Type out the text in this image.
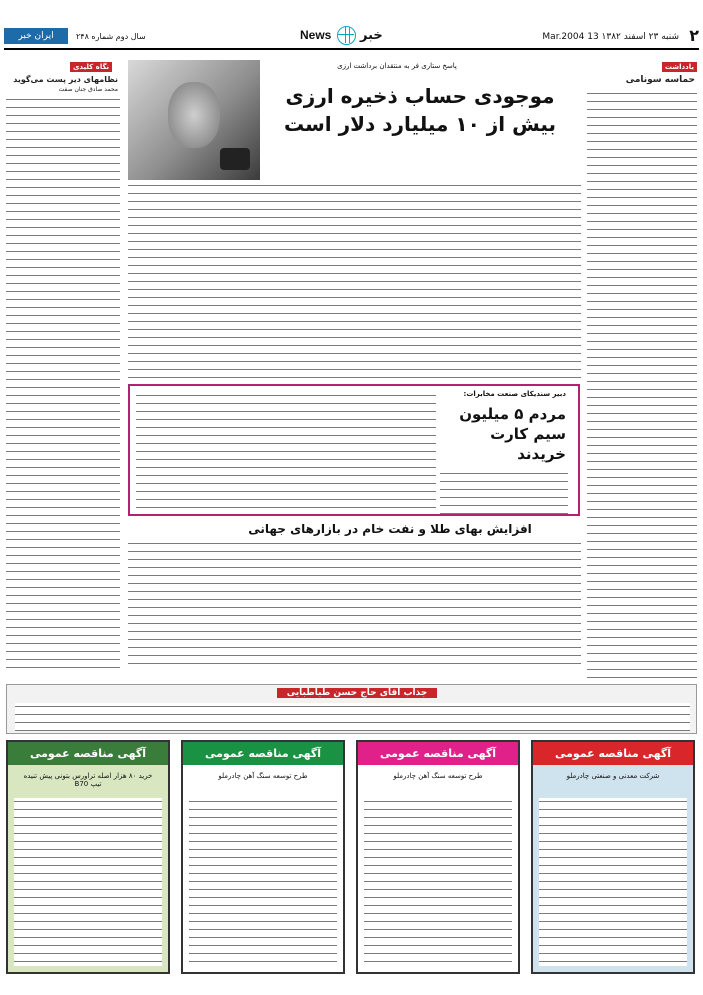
۲
شنبه ۲۳ اسفند ۱۳۸۲ 13 Mar.2004
News خبر
سال دوم شماره ۲۴۸
ایران خبر
یادداشت
حماسه سونامی
نگاه کلیدی
نظامهای دیر پست می‌گوید
محمد صادق جنان صفت
پاسخ ستاری فر به منتقدان برداشت ارزی
موجودی حساب ذخیره ارزی
بیش از ۱۰ میلیارد دلار است
دبیر سندیکای صنعت مخابرات:
مردم ۵ میلیون سیم کارت خریدند
افزایش بهای طلا و نفت خام در بازارهای جهانی
جذاب آقای حاج حسن طباطبایی
آگهی مناقصه عمومی
خرید ۸۰ هزار اصله تراورس بتونی پیش تنیده تیپ B70
آگهی مناقصه عمومی
طرح توسعه سنگ آهن چادرملو
آگهی مناقصه عمومی
طرح توسعه سنگ آهن چادرملو
آگهی مناقصه عمومی
شرکت معدنی و صنعتی چادرملو
